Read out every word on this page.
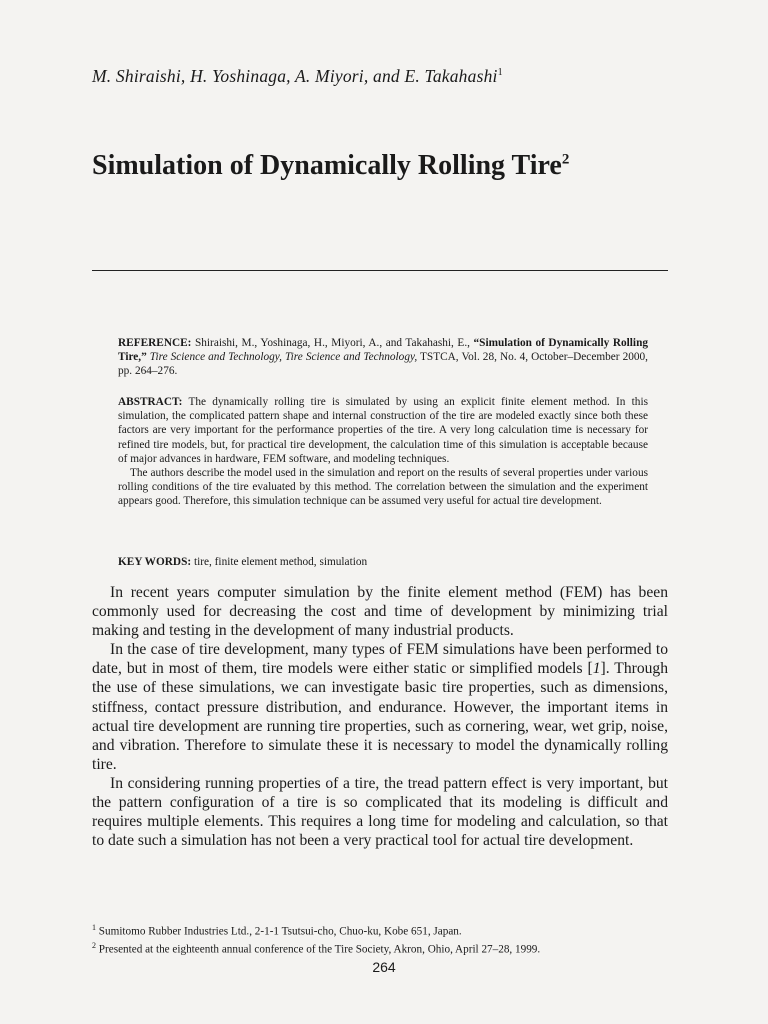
M. Shiraishi, H. Yoshinaga, A. Miyori, and E. Takahashi$^1$
Simulation of Dynamically Rolling Tire$^2$
REFERENCE: Shiraishi, M., Yoshinaga, H., Miyori, A., and Takahashi, E., “Simulation of Dynamically Rolling Tire,” Tire Science and Technology, Tire Science and Technology, TSTCA, Vol. 28, No. 4, October–December 2000, pp. 264–276.

ABSTRACT: The dynamically rolling tire is simulated by using an explicit finite element method. In this simulation, the complicated pattern shape and internal construction of the tire are modeled exactly since both these factors are very important for the performance properties of the tire. A very long calculation time is necessary for refined tire models, but, for practical tire development, the calculation time of this simulation is acceptable because of major advances in hardware, FEM software, and modeling techniques.

The authors describe the model used in the simulation and report on the results of several properties under various rolling conditions of the tire evaluated by this method. The correlation between the simulation and the experiment appears good. Therefore, this simulation technique can be assumed very useful for actual tire development.

KEY WORDS: tire, finite element method, simulation

In recent years computer simulation by the finite element method (FEM) has been commonly used for decreasing the cost and time of development by minimizing trial making and testing in the development of many industrial products.

In the case of tire development, many types of FEM simulations have been performed to date, but in most of them, tire models were either static or simplified models [1]. Through the use of these simulations, we can investigate basic tire properties, such as dimensions, stiffness, contact pressure distribution, and endurance. However, the important items in actual tire development are running tire properties, such as cornering, wear, wet grip, noise, and vibration. Therefore to simulate these it is necessary to model the dynamically rolling tire.

In considering running properties of a tire, the tread pattern effect is very important, but the pattern configuration of a tire is so complicated that its modeling is difficult and requires multiple elements. This requires a long time for modeling and calculation, so that to date such a simulation has not been a very practical tool for actual tire development.

$^1$ Sumitomo Rubber Industries Ltd., 2-1-1 Tsutsui-cho, Chuo-ku, Kobe 651, Japan.
$^2$ Presented at the eighteenth annual conference of the Tire Society, Akron, Ohio, April 27–28, 1999.
264
